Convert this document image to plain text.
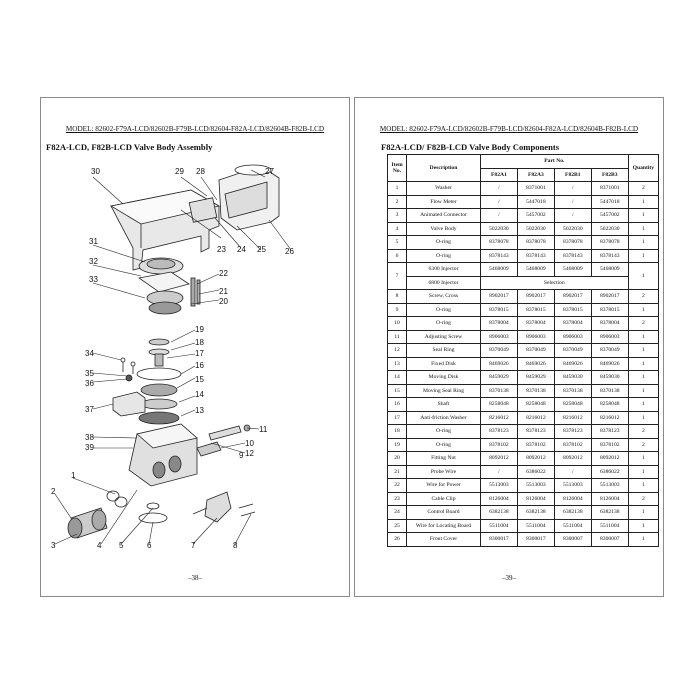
MODEL: 82602-F79A-LCD/82602B-F79B-LCD/82604-F82A-LCD/82604B-F82B-LCD
F82A-LCD, F82B-LCD Valve Body Assembly
30	29 28	27
31
32
33
23 24 25 26
22
21
20
19
18
17
16
15
14
13
34
35
36
37
38
39
11
10
12
9
1
2
3	4 5	6	7	8
–38–
MODEL: 82602-F79A-LCD/82602B-F79B-LCD/82604-F82A-LCD/82604B-F82B-LCD
F82A-LCD/ F82B-LCD Valve Body Components
Item No.	Description	Part No.				Quantity
		F82A1	F82A3	F82B1	F82B3	
1	Washer	/	8371001	/	8371001	2
2	Flow Meter	/	5447018	/	5447018	1
3	Animated Connector	/	5457002	/	5457002	1
4	Valve Body	5022030	5022030	5022030	5022030	1
5	O-ring	8378078	8378078	8378078	8378078	1
6	O-ring	8378143	8378143	8378143	8378143	1
7	6300 Injector	5468009	5468009	5468009	5468009	1
	6800 Injector	Selection				
8	Screw, Cross	8902017	8902017	8902017	8902017	2
9	O-ring	8378015	8378015	8378015	8378015	1
10	O-ring	8378004	8378004	8378004	8378004	2
11	Adjusting Screw	8906003	8906003	8906003	8906003	1
12	Seal Ring	8370049	8370049	8370049	8370049	1
13	Fixed Disk	8469026	8469026	8469026	8469026	1
14	Moving Disk	8459029	8459029	8459030	8459030	1
15	Moving Seal Ring	8370138	8370138	8370138	8370138	1
16	Shaft	8258048	8258048	8258048	8258048	1
17	Anti-friction Washer	8216012	8216012	8216012	8216012	1
18	O-ring	8378123	8378123	8378123	8378123	2
19	O-ring	8378102	8378102	8378102	8378102	2
20	Fitting Nut	8092012	8092012	8092012	8092012	1
21	Probe Wire	/	6386022	/	6386022	1
22	Wire for Power	5513003	5513003	5513003	5513003	1
23	Cable Clip	8126004	8126004	8126004	8126004	2
24	Control Board	6382138	6382138	6382138	6382138	1
25	Wire for Locating Board	5511004	5511004	5511004	5511004	1
26	Front Cover	8300017	8300017	8300007	8300007	1
–39–
